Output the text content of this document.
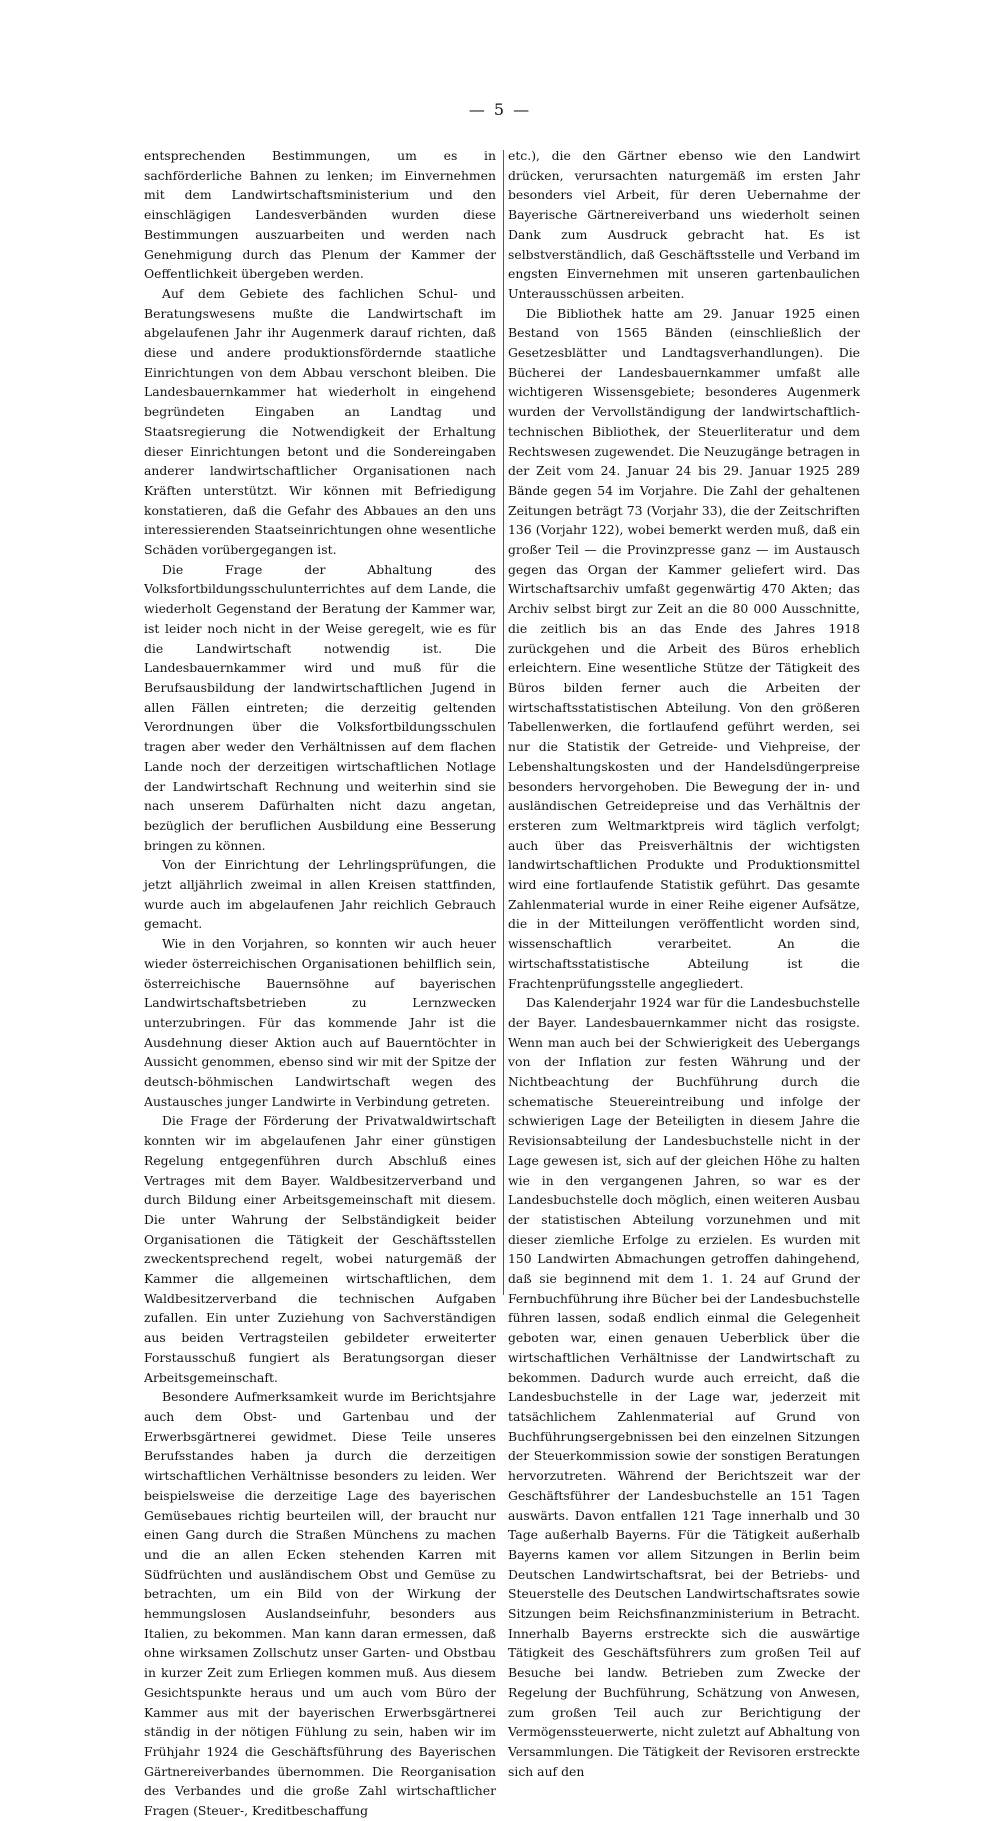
— 5 —

entsprechenden Bestimmungen, um es in sachförderliche Bahnen zu lenken; im Einvernehmen mit dem Landwirtschaftsministerium und den einschlägigen Landesverbänden wurden diese Bestimmungen auszuarbeiten und werden nach Genehmigung durch das Plenum der Kammer der Oeffentlichkeit übergeben werden.

Auf dem Gebiete des fachlichen Schul- und Beratungswesens mußte die Landwirtschaft im abgelaufenen Jahr ihr Augenmerk darauf richten, daß diese und andere produktionsfördernde staatliche Einrichtungen von dem Abbau verschont bleiben. Die Landesbauernkammer hat wiederholt in eingehend begründeten Eingaben an Landtag und Staatsregierung die Notwendigkeit der Erhaltung dieser Einrichtungen betont und die Sondereingaben anderer landwirtschaftlicher Organisationen nach Kräften unterstützt. Wir können mit Befriedigung konstatieren, daß die Gefahr des Abbaues an den uns interessierenden Staatseinrichtungen ohne wesentliche Schäden vorübergegangen ist.

Die Frage der Abhaltung des Volksfortbildungsschulunterrichtes auf dem Lande, die wiederholt Gegenstand der Beratung der Kammer war, ist leider noch nicht in der Weise geregelt, wie es für die Landwirtschaft notwendig ist. Die Landesbauernkammer wird und muß für die Berufsausbildung der landwirtschaftlichen Jugend in allen Fällen eintreten; die derzeitig geltenden Verordnungen über die Volksfortbildungsschulen tragen aber weder den Verhältnissen auf dem flachen Lande noch der derzeitigen wirtschaftlichen Notlage der Landwirtschaft Rechnung und weiterhin sind sie nach unserem Dafürhalten nicht dazu angetan, bezüglich der beruflichen Ausbildung eine Besserung bringen zu können.

Von der Einrichtung der Lehrlingsprüfungen, die jetzt alljährlich zweimal in allen Kreisen stattfinden, wurde auch im abgelaufenen Jahr reichlich Gebrauch gemacht.

Wie in den Vorjahren, so konnten wir auch heuer wieder österreichischen Organisationen behilflich sein, österreichische Bauernsöhne auf bayerischen Landwirtschaftsbetrieben zu Lernzwecken unterzubringen. Für das kommende Jahr ist die Ausdehnung dieser Aktion auch auf Bauerntöchter in Aussicht genommen, ebenso sind wir mit der Spitze der deutsch-böhmischen Landwirtschaft wegen des Austausches junger Landwirte in Verbindung getreten.

Die Frage der Förderung der Privatwaldwirtschaft konnten wir im abgelaufenen Jahr einer günstigen Regelung entgegenführen durch Abschluß eines Vertrages mit dem Bayer. Waldbesitzerverband und durch Bildung einer Arbeitsgemeinschaft mit diesem. Die unter Wahrung der Selbständigkeit beider Organisationen die Tätigkeit der Geschäftsstellen zweckentsprechend regelt, wobei naturgemäß der Kammer die allgemeinen wirtschaftlichen, dem Waldbesitzerverband die technischen Aufgaben zufallen. Ein unter Zuziehung von Sachverständigen aus beiden Vertragsteilen gebildeter erweiterter Forstausschuß fungiert als Beratungsorgan dieser Arbeitsgemeinschaft.

Besondere Aufmerksamkeit wurde im Berichtsjahre auch dem Obst- und Gartenbau und der Erwerbsgärtnerei gewidmet. Diese Teile unseres Berufsstandes haben ja durch die derzeitigen wirtschaftlichen Verhältnisse besonders zu leiden. Wer beispielsweise die derzeitige Lage des bayerischen Gemüsebaues richtig beurteilen will, der braucht nur einen Gang durch die Straßen Münchens zu machen und die an allen Ecken stehenden Karren mit Südfrüchten und ausländischem Obst und Gemüse zu betrachten, um ein Bild von der Wirkung der hemmungslosen Auslandseinfuhr, besonders aus Italien, zu bekommen. Man kann daran ermessen, daß ohne wirksamen Zollschutz unser Garten- und Obstbau in kurzer Zeit zum Erliegen kommen muß. Aus diesem Gesichtspunkte heraus und um auch vom Büro der Kammer aus mit der bayerischen Erwerbsgärtnerei ständig in der nötigen Fühlung zu sein, haben wir im Frühjahr 1924 die Geschäftsführung des Bayerischen Gärtnereiverbandes übernommen. Die Reorganisation des Verbandes und die große Zahl wirtschaftlicher Fragen (Steuer-, Kreditbeschaffung

etc.), die den Gärtner ebenso wie den Landwirt drücken, verursachten naturgemäß im ersten Jahr besonders viel Arbeit, für deren Uebernahme der Bayerische Gärtnereiverband uns wiederholt seinen Dank zum Ausdruck gebracht hat. Es ist selbstverständlich, daß Geschäftsstelle und Verband im engsten Einvernehmen mit unseren gartenbaulichen Unterausschüssen arbeiten.

Die Bibliothek hatte am 29. Januar 1925 einen Bestand von 1565 Bänden (einschließlich der Gesetzesblätter und Landtagsverhandlungen). Die Bücherei der Landesbauernkammer umfaßt alle wichtigeren Wissensgebiete; besonderes Augenmerk wurden der Vervollständigung der landwirtschaftlich-technischen Bibliothek, der Steuerliteratur und dem Rechtswesen zugewendet. Die Neuzugänge betragen in der Zeit vom 24. Januar 24 bis 29. Januar 1925 289 Bände gegen 54 im Vorjahre. Die Zahl der gehaltenen Zeitungen beträgt 73 (Vorjahr 33), die der Zeitschriften 136 (Vorjahr 122), wobei bemerkt werden muß, daß ein großer Teil — die Provinzpresse ganz — im Austausch gegen das Organ der Kammer geliefert wird. Das Wirtschaftsarchiv umfaßt gegenwärtig 470 Akten; das Archiv selbst birgt zur Zeit an die 80 000 Ausschnitte, die zeitlich bis an das Ende des Jahres 1918 zurückgehen und die Arbeit des Büros erheblich erleichtern. Eine wesentliche Stütze der Tätigkeit des Büros bilden ferner auch die Arbeiten der wirtschaftsstatistischen Abteilung. Von den größeren Tabellenwerken, die fortlaufend geführt werden, sei nur die Statistik der Getreide- und Viehpreise, der Lebenshaltungskosten und der Handelsdüngerpreise besonders hervorgehoben. Die Bewegung der in- und ausländischen Getreidepreise und das Verhältnis der ersteren zum Weltmarktpreis wird täglich verfolgt; auch über das Preisverhältnis der wichtigsten landwirtschaftlichen Produkte und Produktionsmittel wird eine fortlaufende Statistik geführt. Das gesamte Zahlenmaterial wurde in einer Reihe eigener Aufsätze, die in der Mitteilungen veröffentlicht worden sind, wissenschaftlich verarbeitet. An die wirtschaftsstatistische Abteilung ist die Frachtenprüfungsstelle angegliedert.

Das Kalenderjahr 1924 war für die Landesbuchstelle der Bayer. Landesbauernkammer nicht das rosigste. Wenn man auch bei der Schwierigkeit des Uebergangs von der Inflation zur festen Währung und der Nichtbeachtung der Buchführung durch die schematische Steuereintreibung und infolge der schwierigen Lage der Beteiligten in diesem Jahre die Revisionsabteilung der Landesbuchstelle nicht in der Lage gewesen ist, sich auf der gleichen Höhe zu halten wie in den vergangenen Jahren, so war es der Landesbuchstelle doch möglich, einen weiteren Ausbau der statistischen Abteilung vorzunehmen und mit dieser ziemliche Erfolge zu erzielen. Es wurden mit 150 Landwirten Abmachungen getroffen dahingehend, daß sie beginnend mit dem 1. 1. 24 auf Grund der Fernbuchführung ihre Bücher bei der Landesbuchstelle führen lassen, sodaß endlich einmal die Gelegenheit geboten war, einen genauen Ueberblick über die wirtschaftlichen Verhältnisse der Landwirtschaft zu bekommen. Dadurch wurde auch erreicht, daß die Landesbuchstelle in der Lage war, jederzeit mit tatsächlichem Zahlenmaterial auf Grund von Buchführungsergebnissen bei den einzelnen Sitzungen der Steuerkommission sowie der sonstigen Beratungen hervorzutreten. Während der Berichtszeit war der Geschäftsführer der Landesbuchstelle an 151 Tagen auswärts. Davon entfallen 121 Tage innerhalb und 30 Tage außerhalb Bayerns. Für die Tätigkeit außerhalb Bayerns kamen vor allem Sitzungen in Berlin beim Deutschen Landwirtschaftsrat, bei der Betriebs- und Steuerstelle des Deutschen Landwirtschaftsrates sowie Sitzungen beim Reichsfinanzministerium in Betracht. Innerhalb Bayerns erstreckte sich die auswärtige Tätigkeit des Geschäftsführers zum großen Teil auf Besuche bei landw. Betrieben zum Zwecke der Regelung der Buchführung, Schätzung von Anwesen, zum großen Teil auch zur Berichtigung der Vermögenssteuerwerte, nicht zuletzt auf Abhaltung von Versammlungen. Die Tätigkeit der Revisoren erstreckte sich auf den
